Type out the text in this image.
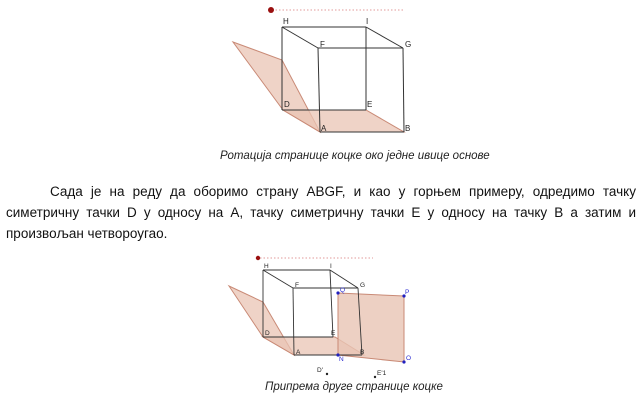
H	I
F	G
D	E
A	B
H	I
F	G
Q	P
D	E
A	B
N	O
D'	E'1
Ротација странице коцке око једне ивице основе

Сада је на реду да оборимо страну ABGF, и као у горњем примеру, одредимо тачку симетричну тачки D у односу на A, тачку симетричну тачки E у односу на тачку B а затим и произвољан четвороугао.

Припрема друге странице коцке
